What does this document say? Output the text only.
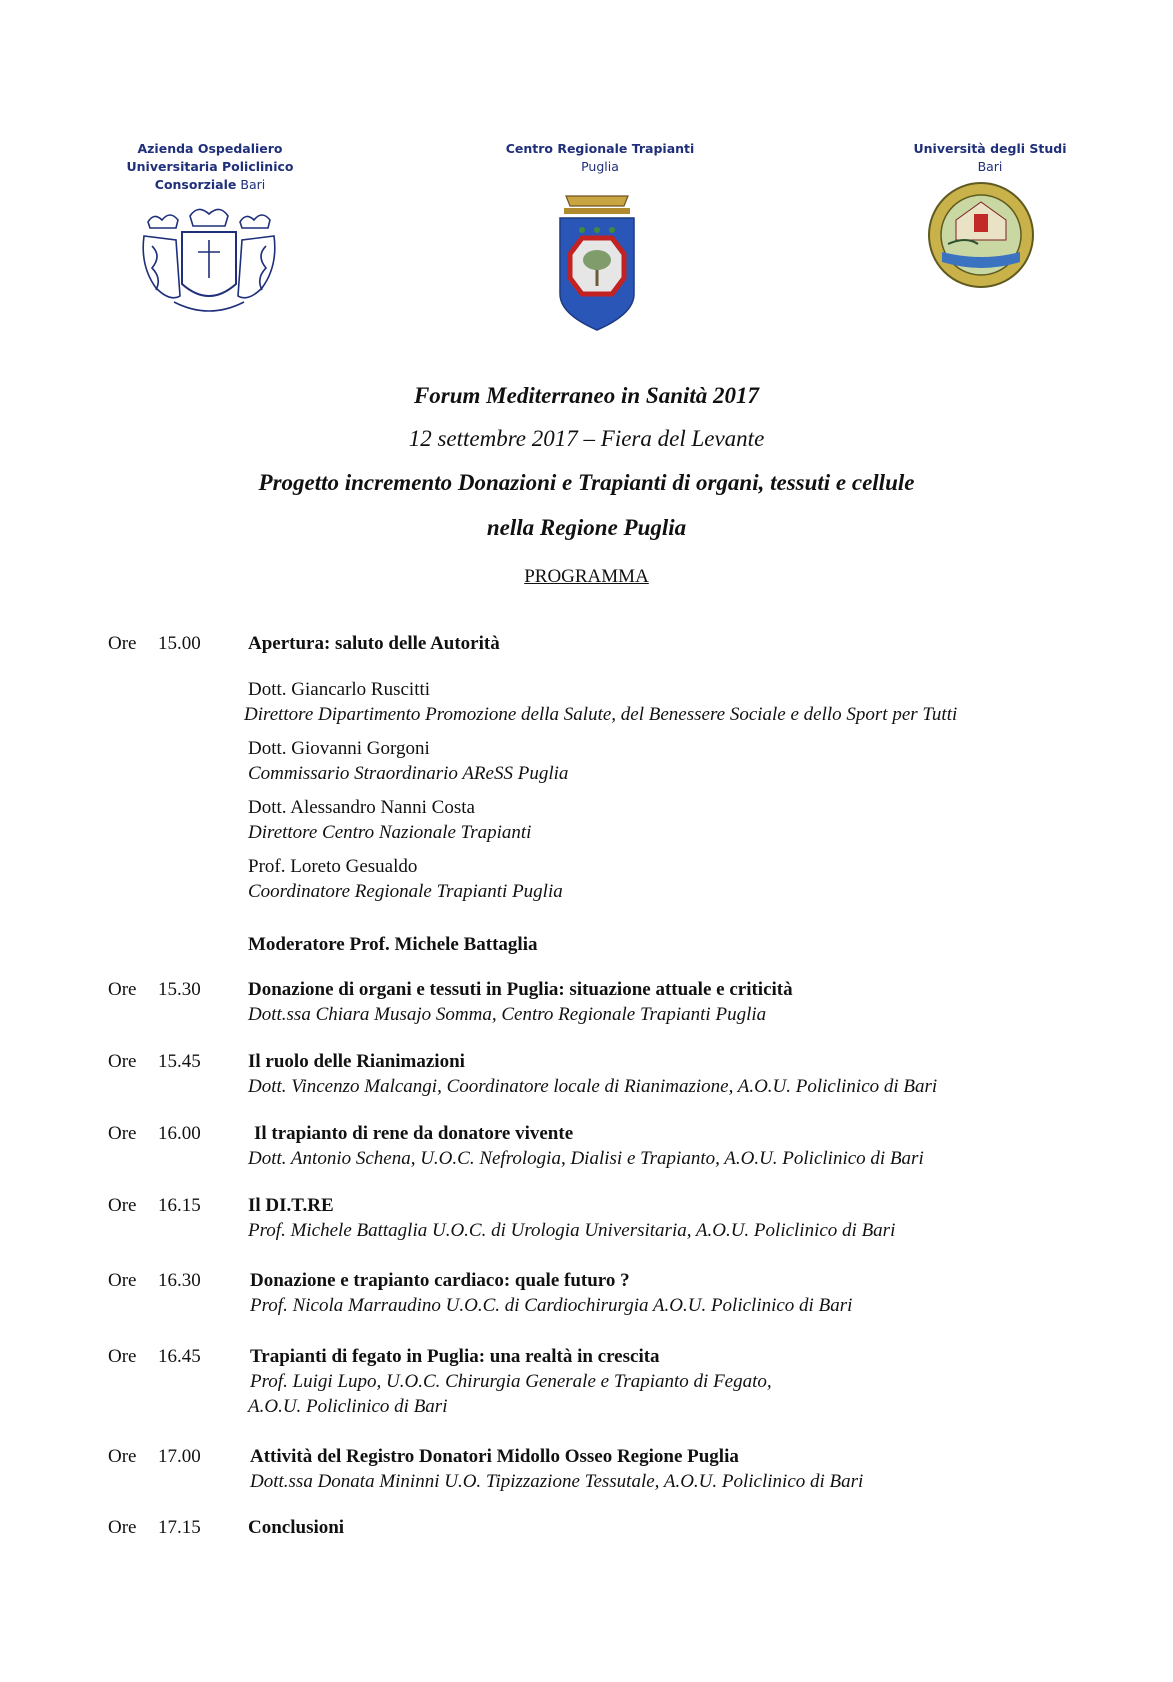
Azienda Ospedaliero
Universitaria Policlinico
Consorziale Bari
Centro Regionale Trapianti
Puglia
Università degli Studi
Bari
Forum Mediterraneo in Sanità 2017
12 settembre 2017 – Fiera del Levante
Progetto incremento Donazioni e Trapianti di organi, tessuti e cellule
nella Regione Puglia
PROGRAMMA
Ore 15.00 Apertura: saluto delle Autorità
Dott. Giancarlo Ruscitti
Direttore Dipartimento Promozione della Salute, del Benessere Sociale e dello Sport per Tutti
Dott. Giovanni Gorgoni
Commissario Straordinario AReSS Puglia
Dott. Alessandro Nanni Costa
Direttore Centro Nazionale Trapianti
Prof. Loreto Gesualdo
Coordinatore Regionale Trapianti Puglia
Moderatore Prof. Michele Battaglia
Ore 15.30 Donazione di organi e tessuti in Puglia: situazione attuale e criticità
Dott.ssa Chiara Musajo Somma, Centro Regionale Trapianti Puglia
Ore 15.45 Il ruolo delle Rianimazioni
Dott. Vincenzo Malcangi, Coordinatore locale di Rianimazione, A.O.U. Policlinico di Bari
Ore 16.00	Il trapianto di rene da donatore vivente
Dott. Antonio Schena, U.O.C. Nefrologia, Dialisi e Trapianto, A.O.U. Policlinico di Bari
Ore 16.15 Il DI.T.RE
Prof. Michele Battaglia U.O.C. di Urologia Universitaria, A.O.U. Policlinico di Bari
Ore 16.30	Donazione e trapianto cardiaco: quale futuro ?
Prof. Nicola Marraudino U.O.C. di Cardiochirurgia A.O.U. Policlinico di Bari
Ore 16.45	Trapianti di fegato in Puglia: una realtà in crescita
Prof. Luigi Lupo, U.O.C. Chirurgia Generale e Trapianto di Fegato,
A.O.U. Policlinico di Bari
Ore 17.00	Attività del Registro Donatori Midollo Osseo Regione Puglia
Dott.ssa Donata Mininni U.O. Tipizzazione Tessutale, A.O.U. Policlinico di Bari
Ore 17.15 Conclusioni
